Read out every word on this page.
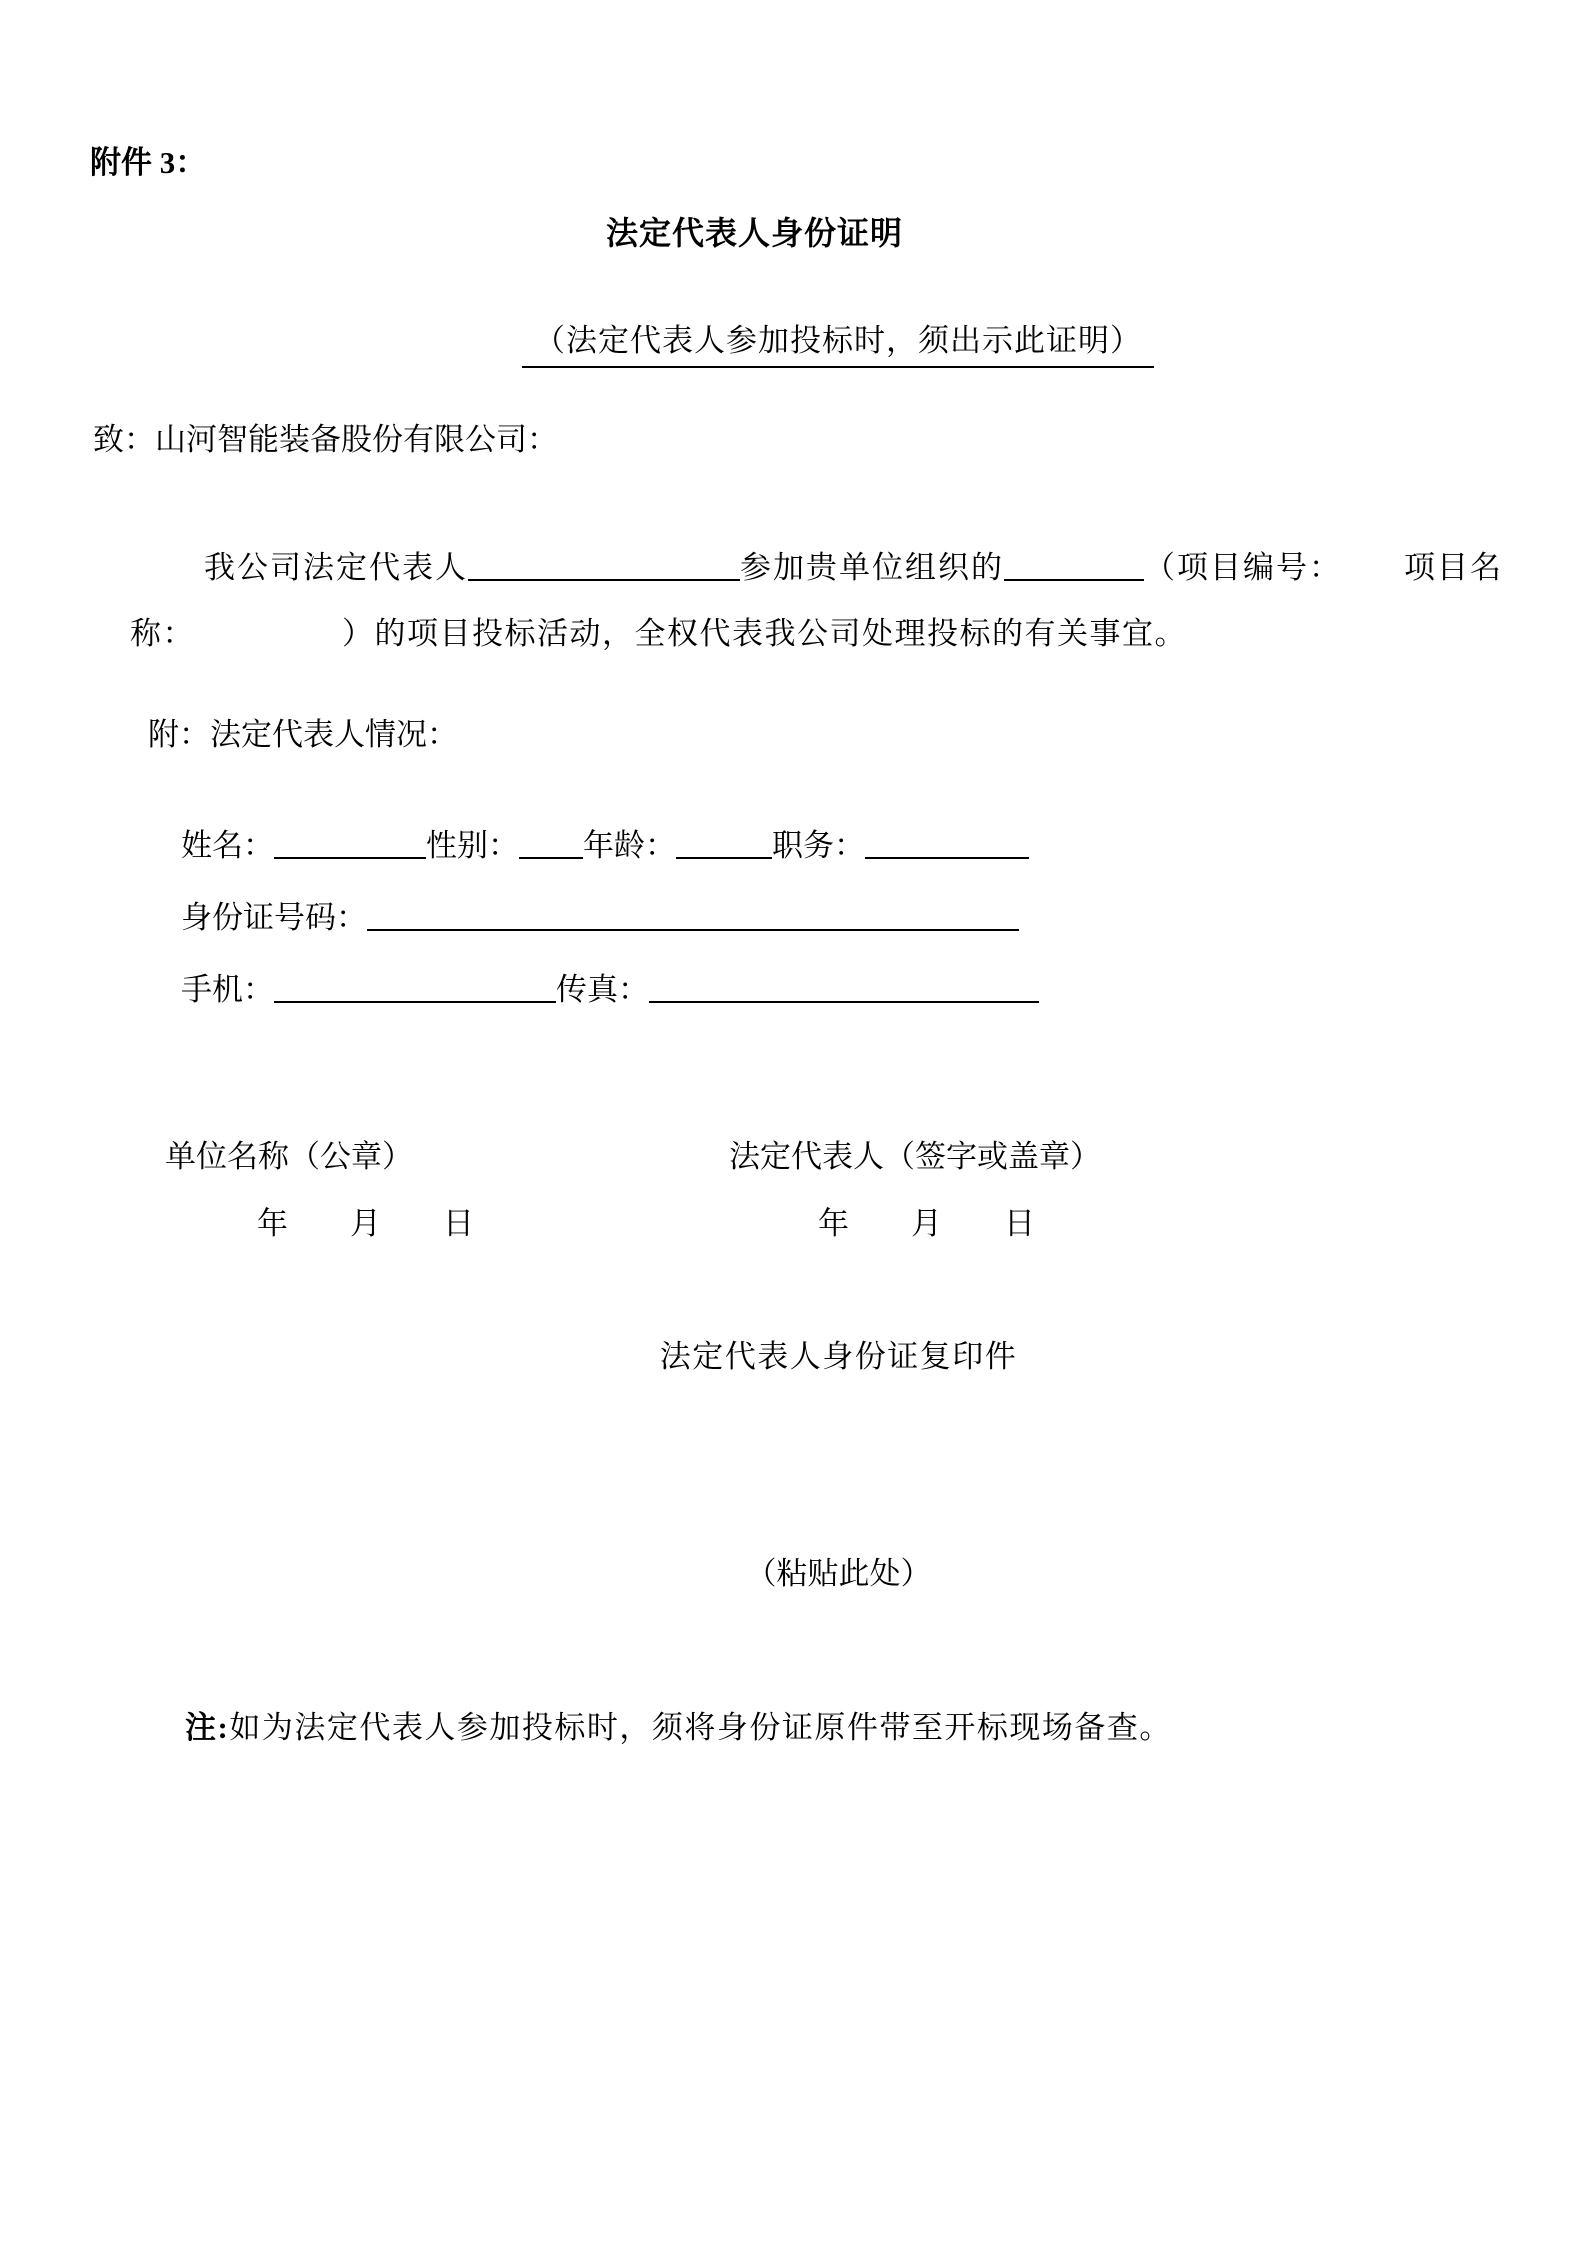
附件 3：
法定代表人身份证明

（法定代表人参加投标时，须出示此证明）

致：山河智能装备股份有限公司：

我公司法定代表人	参加贵单位组织的	（项目编号： 项目名

称：	）的项目投标活动，全权代表我公司处理投标的有关事宜。

附：法定代表人情况：

姓名：	性别： 年龄：	职务：

身份证号码：

手机：	传真：

单位名称（公章）	法定代表人（签字或盖章）
年　　月　　日	年　　月　　日
法定代表人身份证复印件
（粘贴此处）

注:如为法定代表人参加投标时，须将身份证原件带至开标现场备查。
